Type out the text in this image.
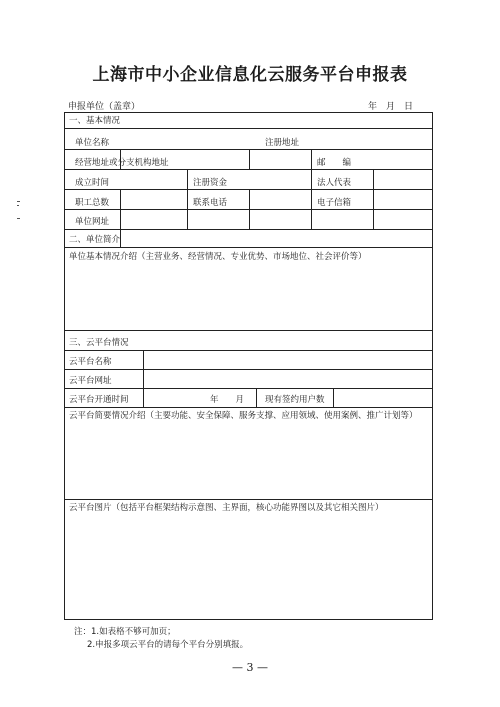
上海市中小企业信息化云服务平台申报表
申报单位（盖章）	年　月　日
一、基本情况
单位名称	注册地址
经营地址或分支机构地址	邮　　编
成立时间	注册资金	法人代表
职工总数	联系电话	电子信箱
单位网址
二、单位简介
单位基本情况介绍（主营业务、经营情况、专业优势、市场地位、社会评价等）
三、云平台情况
云平台名称
云平台网址
云平台开通时间	年　　月 现有签约用户数
云平台简要情况介绍（主要功能、安全保障、服务支撑、应用领域、使用案例、推广计划等）
云平台图片（包括平台框架结构示意图、主界面，核心功能界图以及其它相关图片）
注：1.如表格不够可加页；
2.申报多项云平台的请每个平台分别填报。
— 3 —
